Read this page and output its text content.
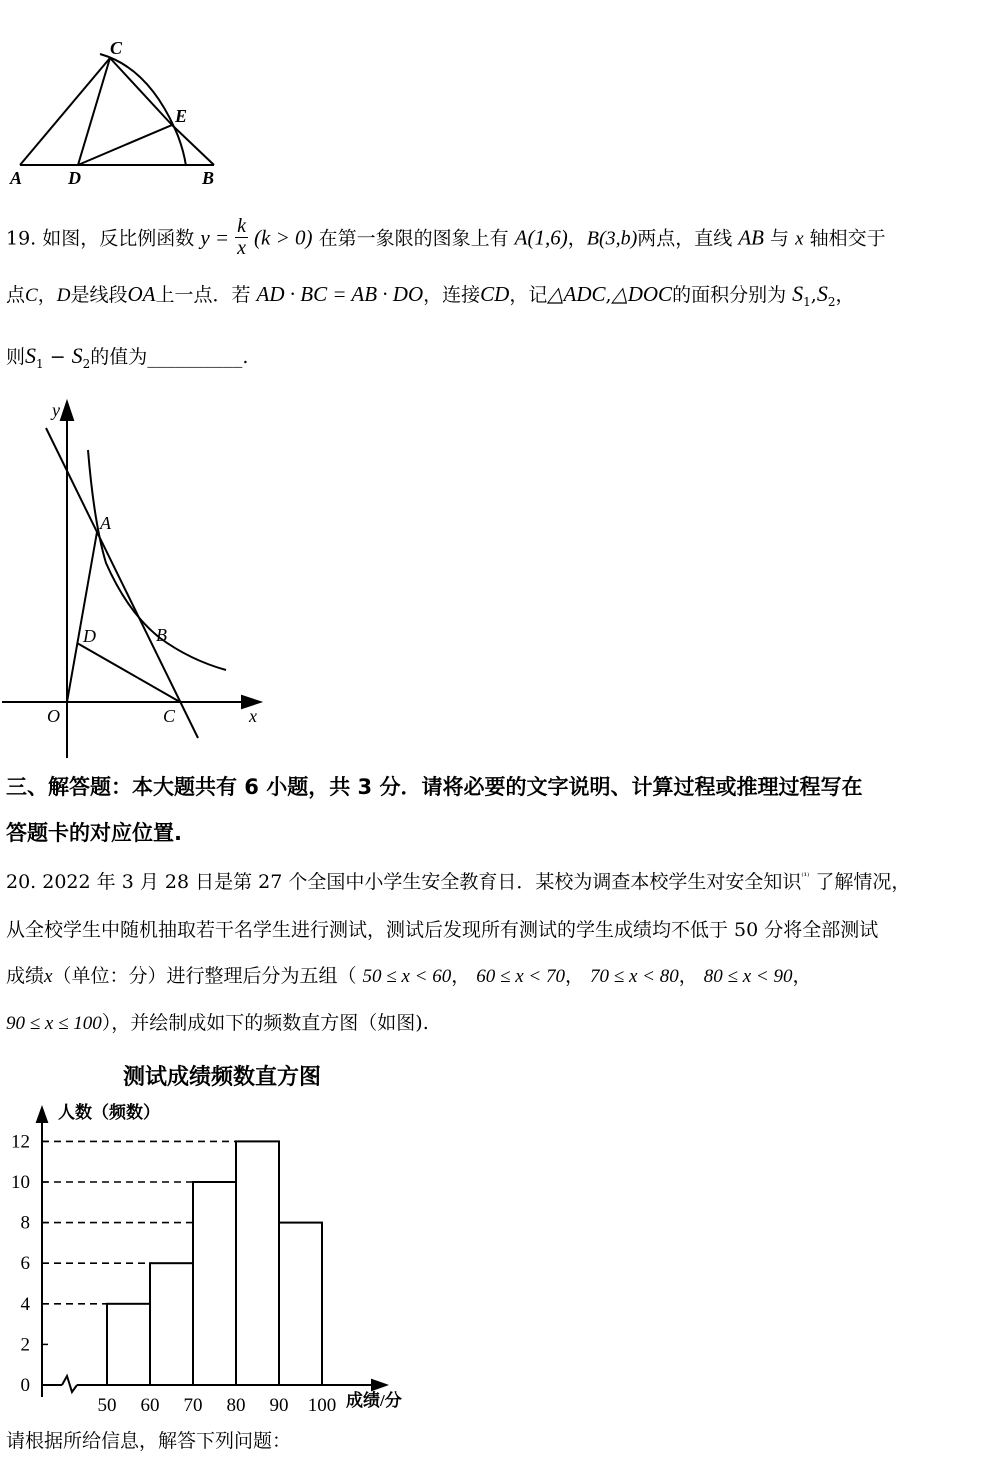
C
E
A	D	B
19. 如图，反比例函数 $y = \frac{k}{x} (k > 0)$ 在第一象限的图象上有 A(1,6)，B(3,b)两点，直线 AB 与 x 轴相交于
点C，D是线段OA上一点．若 AD · BC = AB · DO，连接CD，记△ADC,△DOC的面积分别为 $S_1,S_2$，
则$S_1 - S_2$的值为__________.
y
A
D	B
O	C	x
三、解答题：本大题共有 6 小题，共 3 分．请将必要的文字说明、计算过程或推理过程写在
答题卡的对应位置.
20. 2022 年 3 月 28 日是第 27 个全国中小学生安全教育日．某校为调查本校学生对安全知识$^{^{(1)}}$ 了解情况，
从全校学生中随机抽取若干名学生进行测试，测试后发现所有测试的学生成绩均不低于 50 分将全部测试
成绩x（单位：分）进行整理后分为五组（ 50 ≤ x < 60， 60 ≤ x < 70， 70 ≤ x < 80， 80 ≤ x < 90，
90 ≤ x ≤ 100），并绘制成如下的频数直方图（如图).
测试成绩频数直方图
人数（频数）
成绩/分
0
2
4
6
8
10
12
50 60 70 80 90 100
请根据所给信息，解答下列问题：
